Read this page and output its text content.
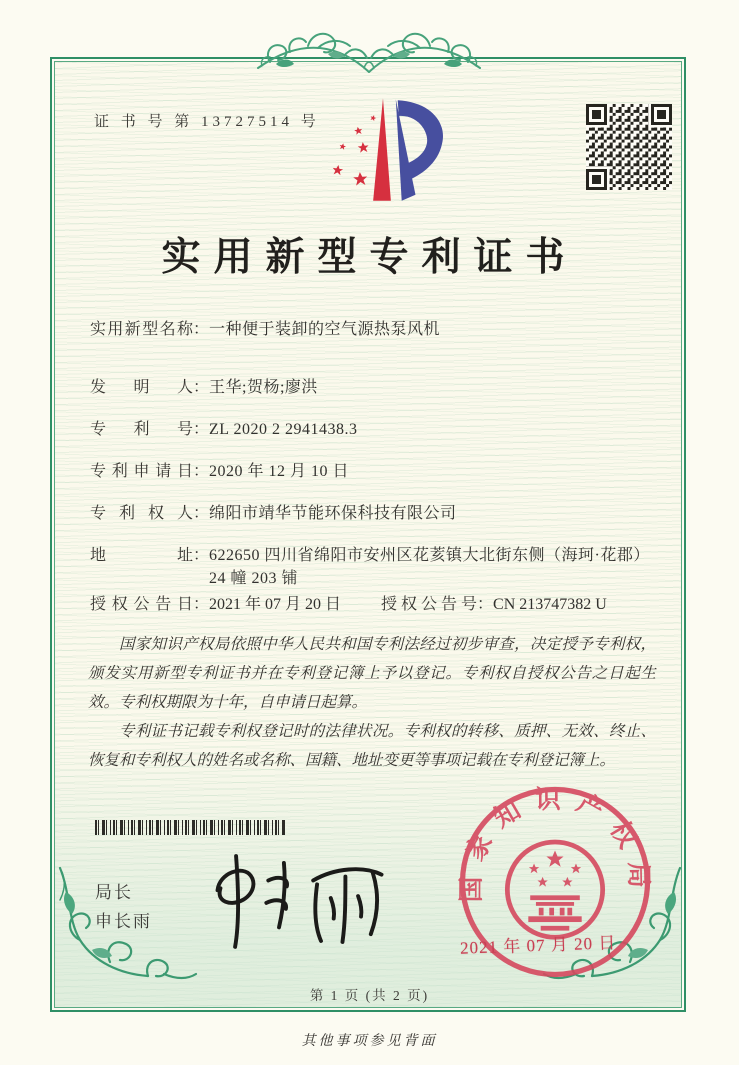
证 书 号 第 13727514 号
实用新型专利证书
实用新型名称 ： 一种便于装卸的空气源热泵风机
发明人 ： 王华;贺杨;廖洪
专利号 ： ZL 2020 2 2941438.3
专利申请日 ： 2020 年 12 月 10 日
专利权人 ： 绵阳市靖华节能环保科技有限公司
地址 ： 622650 四川省绵阳市安州区花荄镇大北街东侧（海珂·花郡）24 幢 203 铺
授权公告日 ： 2021 年 07 月 20 日	授权公告号 ： CN 213747382 U

国家知识产权局依照中华人民共和国专利法经过初步审查，决定授予专利权，颁发实用新型专利证书并在专利登记簿上予以登记。专利权自授权公告之日起生效。专利权期限为十年，自申请日起算。

专利证书记载专利权登记时的法律状况。专利权的转移、质押、无效、终止、恢复和专利权人的姓名或名称、国籍、地址变更等事项记载在专利登记簿上。

局长
申长雨
国家知识产权局
2021 年 07 月 20 日
第 1 页 (共 2 页)
其他事项参见背面
